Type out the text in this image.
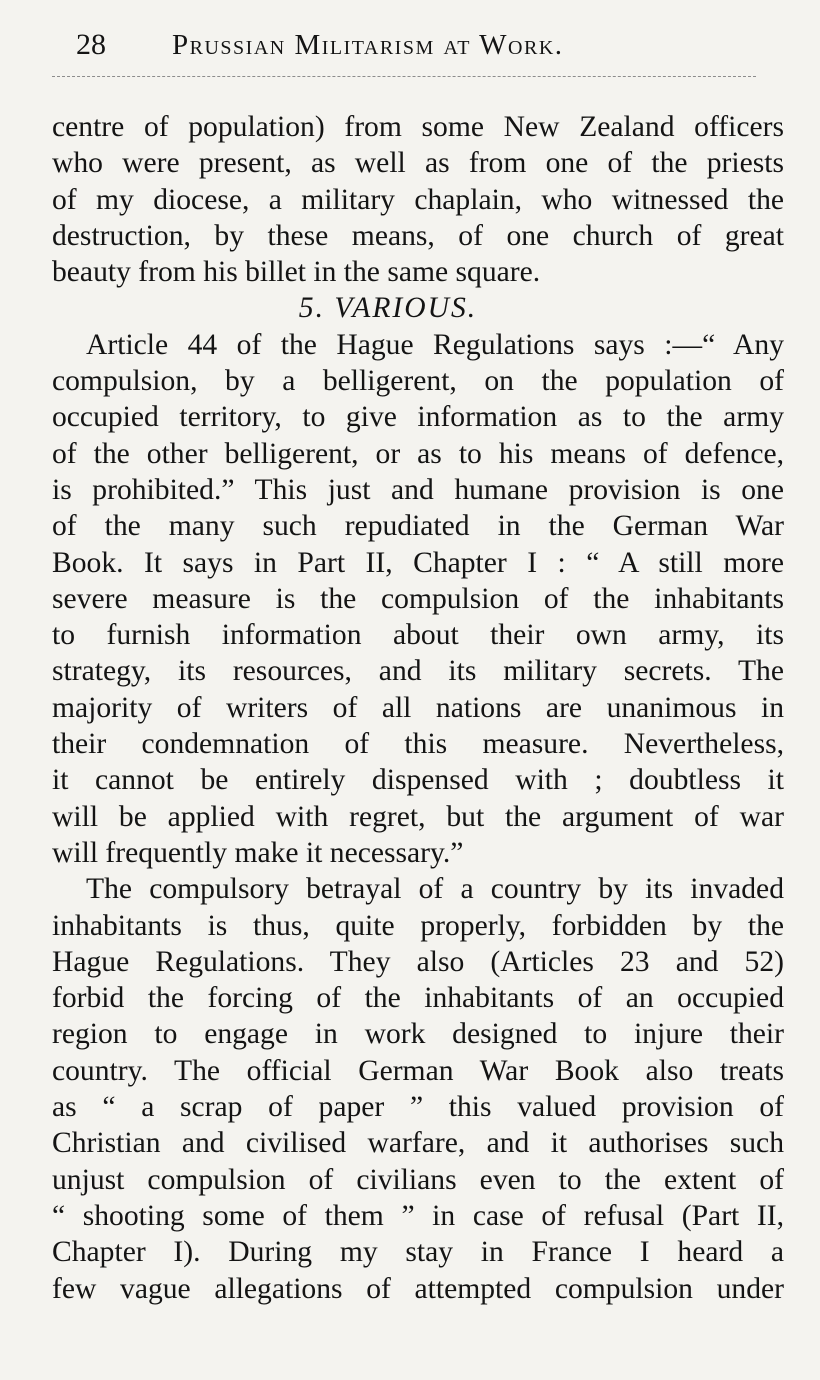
28 Prussian Militarism at Work.
centre of population) from some New Zealand officers
who were present, as well as from one of the priests
of my diocese, a military chaplain, who witnessed the
destruction, by these means, of one church of great
beauty from his billet in the same square.
5. VARIOUS.
Article 44 of the Hague Regulations says :—“ Any
compulsion, by a belligerent, on the population of
occupied territory, to give information as to the army
of the other belligerent, or as to his means of defence,
is prohibited.” This just and humane provision is one
of the many such repudiated in the German War
Book. It says in Part II, Chapter I : “ A still more
severe measure is the compulsion of the inhabitants
to furnish information about their own army, its
strategy, its resources, and its military secrets. The
majority of writers of all nations are unanimous in
their condemnation of this measure. Nevertheless,
it cannot be entirely dispensed with ; doubtless it
will be applied with regret, but the argument of war
will frequently make it necessary.”
The compulsory betrayal of a country by its invaded
inhabitants is thus, quite properly, forbidden by the
Hague Regulations. They also (Articles 23 and 52)
forbid the forcing of the inhabitants of an occupied
region to engage in work designed to injure their
country. The official German War Book also treats
as “ a scrap of paper ” this valued provision of
Christian and civilised warfare, and it authorises such
unjust compulsion of civilians even to the extent of
“ shooting some of them ” in case of refusal (Part II,
Chapter I). During my stay in France I heard a
few vague allegations of attempted compulsion under
